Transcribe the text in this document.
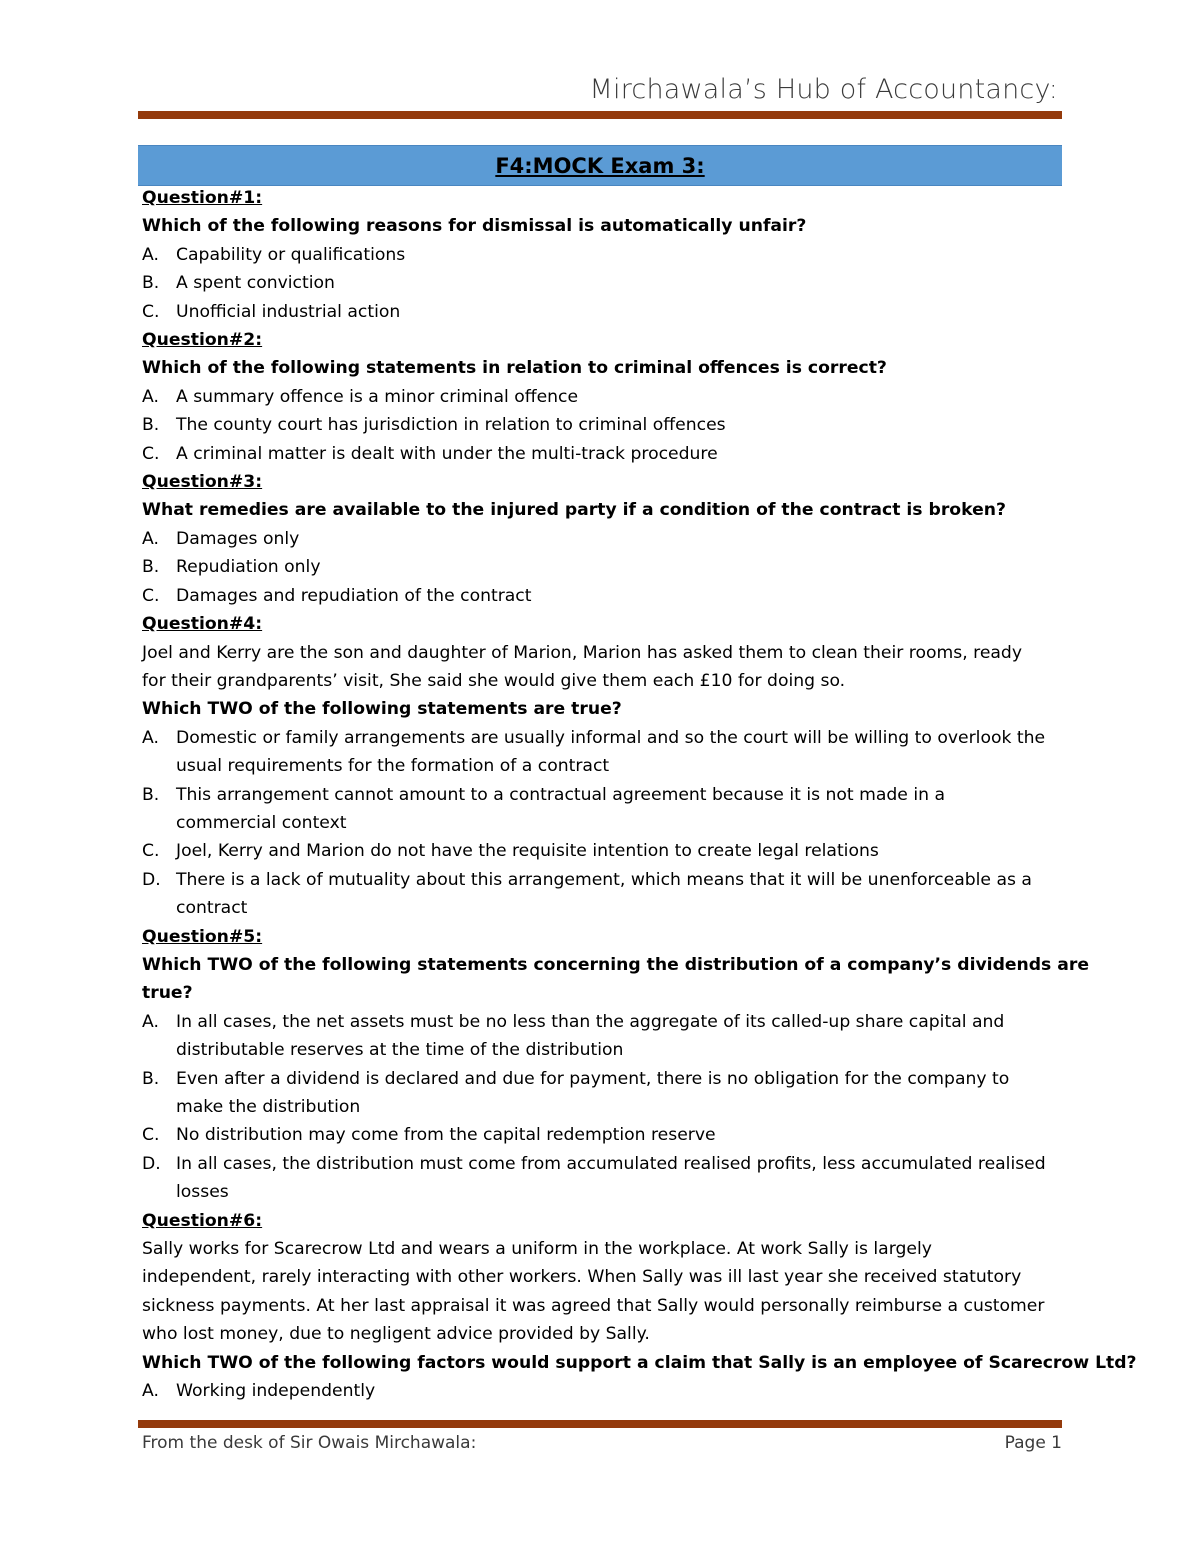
Mirchawala’s Hub of Accountancy:
F4:MOCK Exam 3:
Question#1:
Which of the following reasons for dismissal is automatically unfair?
A. Capability or qualifications
B. A spent conviction
C. Unofficial industrial action
Question#2:
Which of the following statements in relation to criminal offences is correct?
A. A summary offence is a minor criminal offence
B. The county court has jurisdiction in relation to criminal offences
C. A criminal matter is dealt with under the multi-track procedure
Question#3:
What remedies are available to the injured party if a condition of the contract is broken?
A. Damages only
B. Repudiation only
C. Damages and repudiation of the contract
Question#4:
Joel and Kerry are the son and daughter of Marion, Marion has asked them to clean their rooms, ready
for their grandparents’ visit, She said she would give them each £10 for doing so.
Which TWO of the following statements are true?
A. Domestic or family arrangements are usually informal and so the court will be willing to overlook the
usual requirements for the formation of a contract
B. This arrangement cannot amount to a contractual agreement because it is not made in a
commercial context
C. Joel, Kerry and Marion do not have the requisite intention to create legal relations
D. There is a lack of mutuality about this arrangement, which means that it will be unenforceable as a
contract
Question#5:
Which TWO of the following statements concerning the distribution of a company’s dividends are
true?
A. In all cases, the net assets must be no less than the aggregate of its called-up share capital and
distributable reserves at the time of the distribution
B. Even after a dividend is declared and due for payment, there is no obligation for the company to
make the distribution
C. No distribution may come from the capital redemption reserve
D. In all cases, the distribution must come from accumulated realised profits, less accumulated realised
losses
Question#6:
Sally works for Scarecrow Ltd and wears a uniform in the workplace. At work Sally is largely
independent, rarely interacting with other workers. When Sally was ill last year she received statutory
sickness payments. At her last appraisal it was agreed that Sally would personally reimburse a customer
who lost money, due to negligent advice provided by Sally.
Which TWO of the following factors would support a claim that Sally is an employee of Scarecrow Ltd?
A. Working independently
From the desk of Sir Owais Mirchawala:	Page 1
